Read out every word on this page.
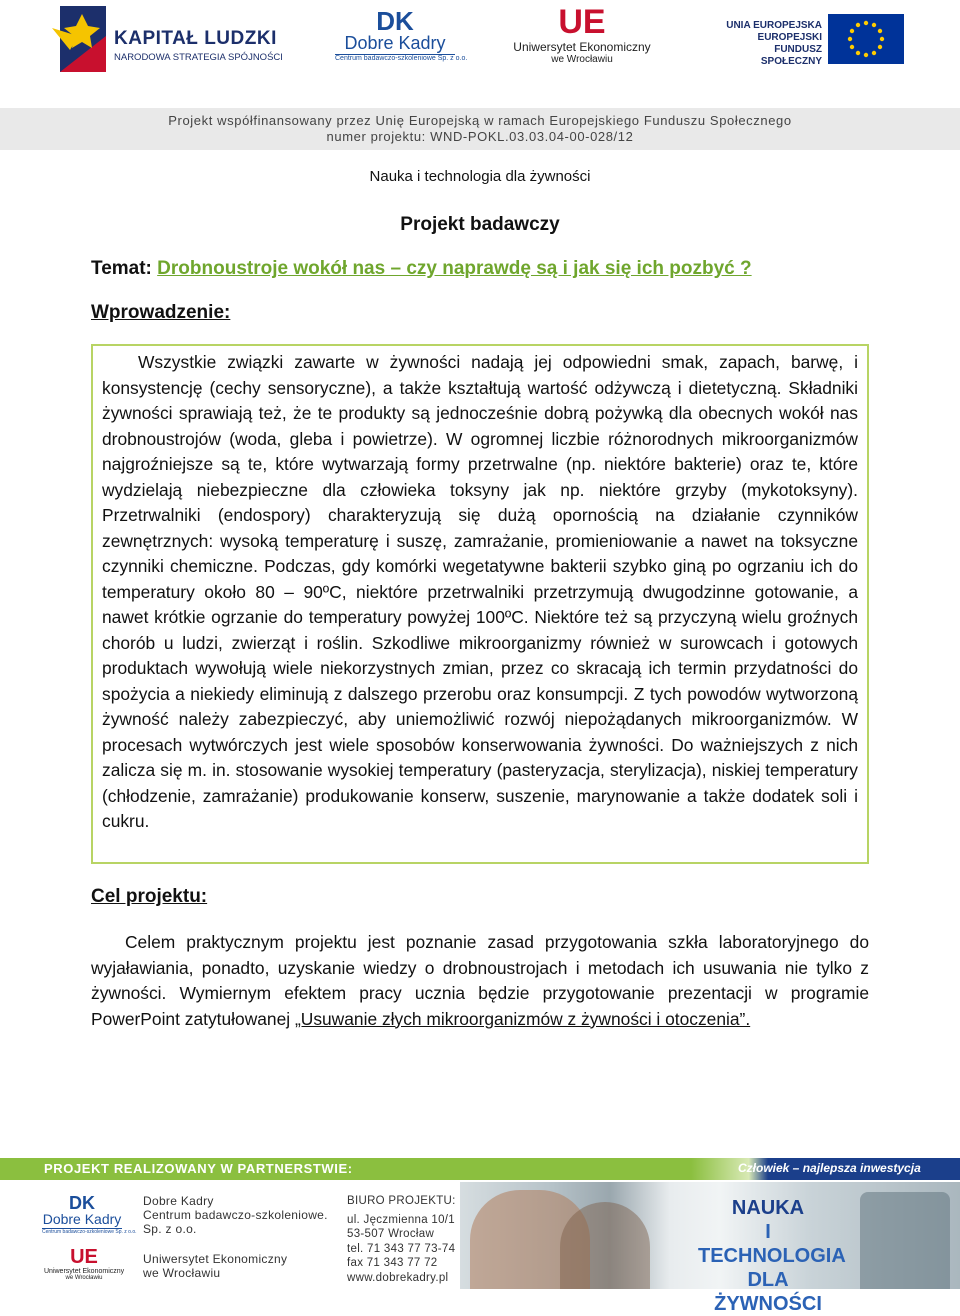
KAPITAŁ LUDZKI
NARODOWA STRATEGIA SPÓJNOŚCI
DK
Dobre Kadry
Centrum badawczo-szkoleniowe Sp. z o.o.
UE
Uniwersytet Ekonomiczny
we Wrocławiu
UNIA EUROPEJSKA
EUROPEJSKI
FUNDUSZ SPOŁECZNY
Projekt współfinansowany przez Unię Europejską w ramach Europejskiego Funduszu Społecznego
numer projektu: WND-POKL.03.03.04-00-028/12
Nauka i technologia dla żywności
Projekt badawczy
Temat: Drobnoustroje wokół nas – czy naprawdę są i jak się ich pozbyć ?
Wprowadzenie:

Wszystkie związki zawarte w żywności nadają jej odpowiedni smak, zapach, barwę, i konsystencję (cechy sensoryczne), a także kształtują wartość odżywczą i dietetyczną. Składniki żywności sprawiają też, że te produkty są jednocześnie dobrą pożywką dla obecnych wokół nas drobnoustrojów (woda, gleba i powietrze). W ogromnej liczbie różnorodnych mikroorganizmów najgroźniejsze są te, które wytwarzają formy przetrwalne (np. niektóre bakterie) oraz te, które wydzielają niebezpieczne dla człowieka toksyny jak np. niektóre grzyby (mykotoksyny). Przetrwalniki (endospory) charakteryzują się dużą opornością na działanie czynników zewnętrznych: wysoką temperaturę i suszę, zamrażanie, promieniowanie a nawet na toksyczne czynniki chemiczne. Podczas, gdy komórki wegetatywne bakterii szybko giną po ogrzaniu ich do temperatury około 80 – 90ºC, niektóre przetrwalniki przetrzymują dwugodzinne gotowanie, a nawet krótkie ogrzanie do temperatury powyżej 100ºC. Niektóre też są przyczyną wielu groźnych chorób u ludzi, zwierząt i roślin. Szkodliwe mikroorganizmy również w surowcach i gotowych produktach wywołują wiele niekorzystnych zmian, przez co skracają ich termin przydatności do spożycia a niekiedy eliminują z dalszego przerobu oraz konsumpcji. Z tych powodów wytworzoną żywność należy zabezpieczyć, aby uniemożliwić rozwój niepożądanych mikroorganizmów. W procesach wytwórczych jest wiele sposobów konserwowania żywności. Do ważniejszych z nich zalicza się m. in. stosowanie wysokiej temperatury (pasteryzacja, sterylizacja), niskiej temperatury (chłodzenie, zamrażanie) produkowanie konserw, suszenie, marynowanie a także dodatek soli i cukru.

Cel projektu:

Celem praktycznym projektu jest poznanie zasad przygotowania szkła laboratoryjnego do wyjaławiania, ponadto, uzyskanie wiedzy o drobnoustrojach i metodach ich usuwania nie tylko z żywności. Wymiernym efektem pracy ucznia będzie przygotowanie prezentacji w programie PowerPoint zatytułowanej „Usuwanie złych mikroorganizmów z żywności i otoczenia”.

PROJEKT REALIZOWANY W PARTNERSTWIE:	Człowiek – najlepsza inwestycja
DK
Dobre Kadry
Centrum badawczo-szkoleniowe Sp. z o.o.
UE
Uniwersytet Ekonomiczny
we Wrocławiu
Dobre Kadry
Centrum badawczo-szkoleniowe.
Sp. z o.o.
Uniwersytet Ekonomiczny
we Wrocławiu
BIURO PROJEKTU:
ul. Jęczmienna 10/1
53-507 Wrocław
tel. 71 343 77 73-74
fax 71 343 77 72
www.dobrekadry.pl
NAUKA
I TECHNOLOGIA
DLA ŻYWNOŚCI
